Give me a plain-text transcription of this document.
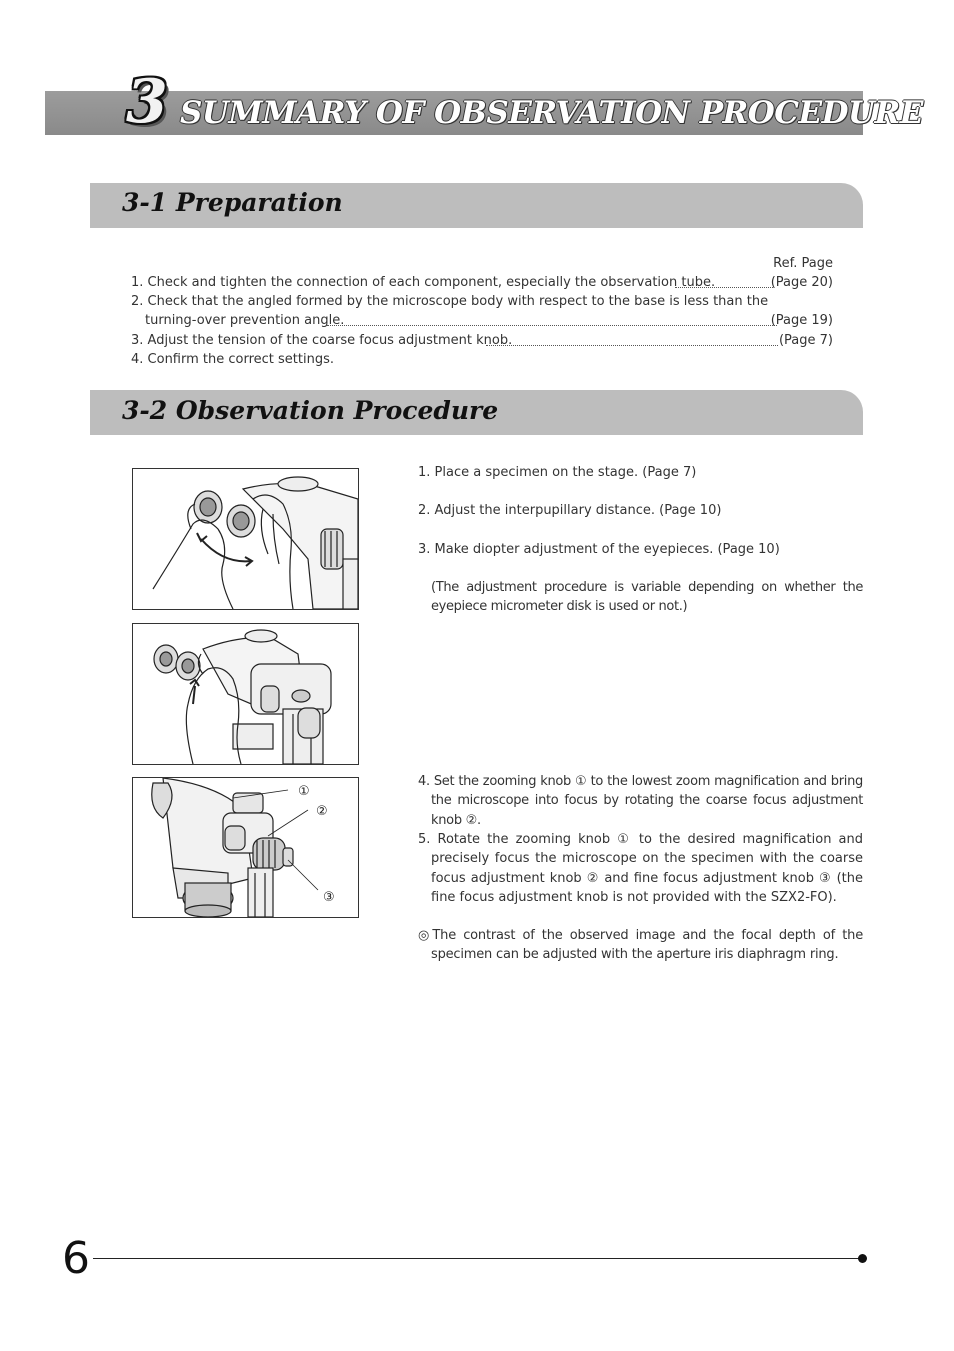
3 SUMMARY OF OBSERVATION PROCEDURE
3-1 Preparation
Ref. Page
1. Check and tighten the connection of each component, especially the observation tube.	(Page 20)
2. Check that the angled formed by the microscope body with respect to the base is less than the
turning-over prevention angle.	(Page 19)
3. Adjust the tension of the coarse focus adjustment knob.	(Page 7)
4. Confirm the correct settings.
3-2 Observation Procedure
①
②
③
1. Place a specimen on the stage. (Page 7)
2. Adjust the interpupillary distance. (Page 10)
3. Make diopter adjustment of the eyepieces. (Page 10)
(The adjustment procedure is variable depending on whether the eyepiece micrometer disk is used or not.)
4. Set the zooming knob ① to the lowest zoom magnification and bring the microscope into focus by rotating the coarse focus adjustment knob ②.
5. Rotate the zooming knob ① to the desired magnification and precisely focus the microscope on the specimen with the coarse focus adjustment knob ② and fine focus adjustment knob ③ (the fine focus adjustment knob is not provided with the SZX2-FO).
◎The contrast of the observed image and the focal depth of the specimen can be adjusted with the aperture iris diaphragm ring.
6
